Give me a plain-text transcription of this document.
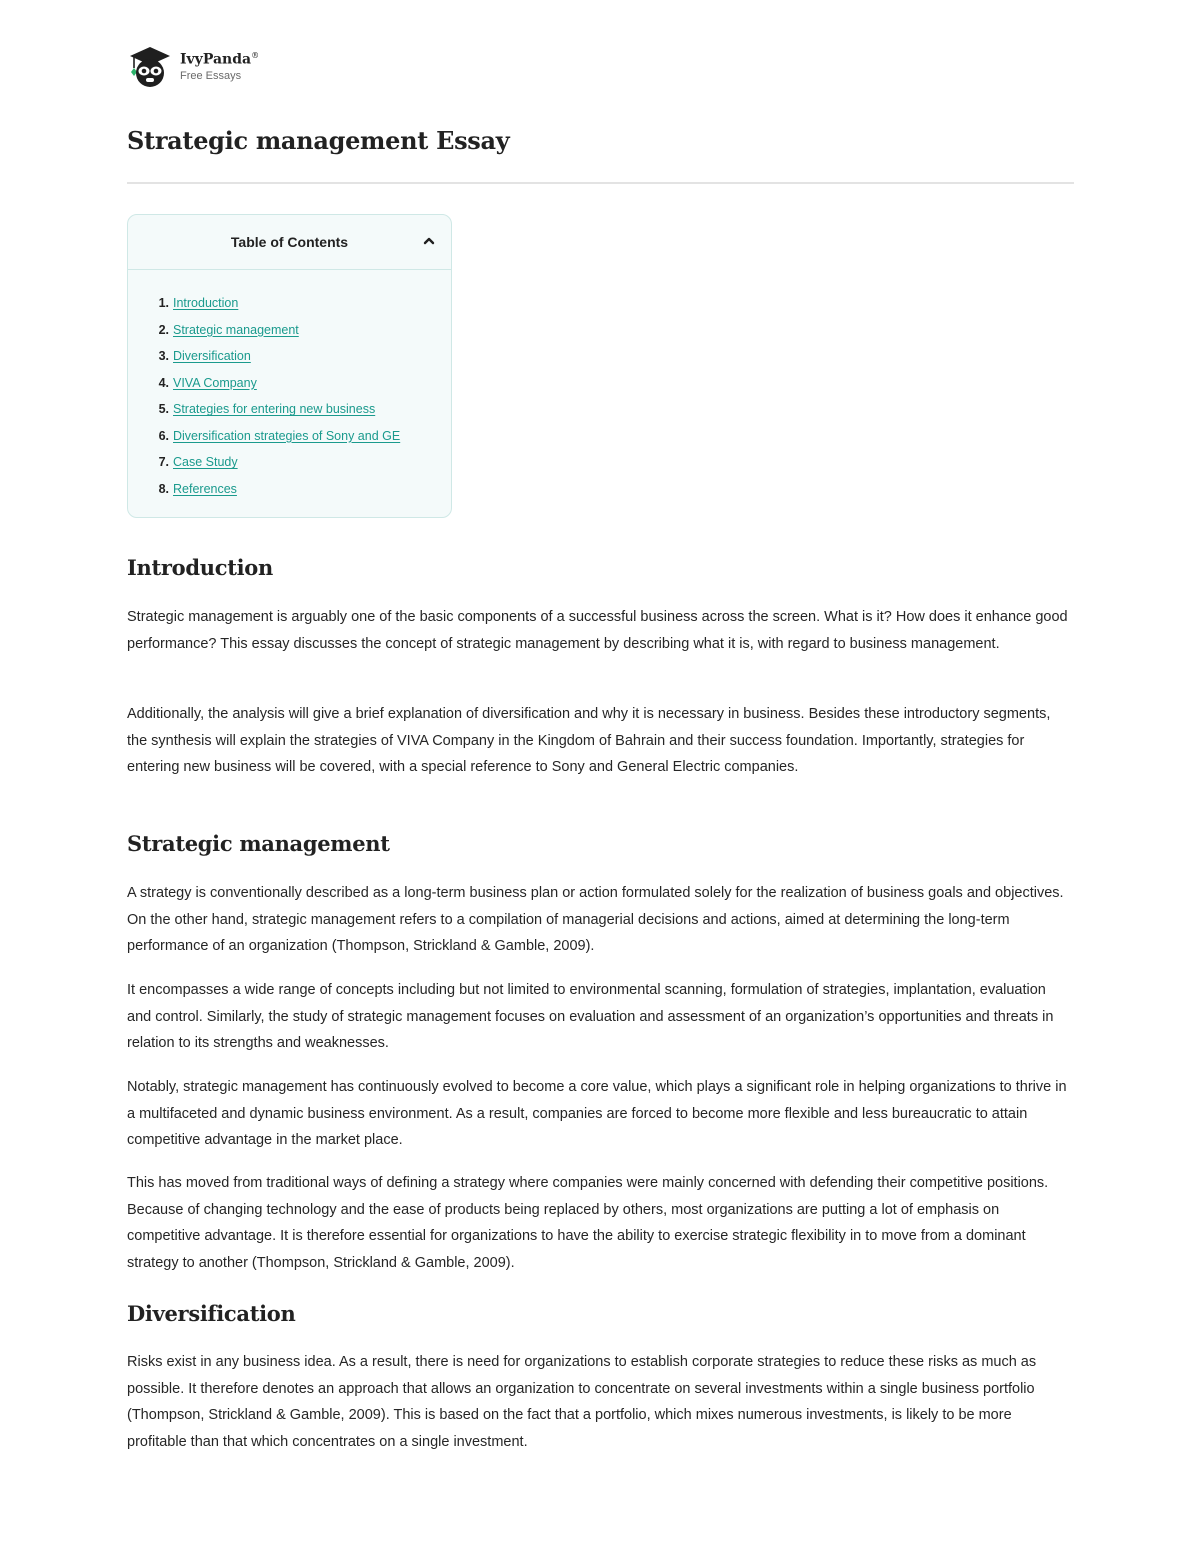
IvyPanda®
Free Essays
Strategic management Essay
Table of Contents
1. Introduction
2. Strategic management
3. Diversification
4. VIVA Company
5. Strategies for entering new business
6. Diversification strategies of Sony and GE
7. Case Study
8. References
Introduction

Strategic management is arguably one of the basic components of a successful business across the screen. What is it? How does it enhance good performance? This essay discusses the concept of strategic management by describing what it is, with regard to business management.

Additionally, the analysis will give a brief explanation of diversification and why it is necessary in business. Besides these introductory segments, the synthesis will explain the strategies of VIVA Company in the Kingdom of Bahrain and their success foundation. Importantly, strategies for entering new business will be covered, with a special reference to Sony and General Electric companies.

Strategic management

A strategy is conventionally described as a long-term business plan or action formulated solely for the realization of business goals and objectives. On the other hand, strategic management refers to a compilation of managerial decisions and actions, aimed at determining the long-term performance of an organization (Thompson, Strickland & Gamble, 2009).

It encompasses a wide range of concepts including but not limited to environmental scanning, formulation of strategies, implantation, evaluation and control. Similarly, the study of strategic management focuses on evaluation and assessment of an organization’s opportunities and threats in relation to its strengths and weaknesses.

Notably, strategic management has continuously evolved to become a core value, which plays a significant role in helping organizations to thrive in a multifaceted and dynamic business environment. As a result, companies are forced to become more flexible and less bureaucratic to attain competitive advantage in the market place.

This has moved from traditional ways of defining a strategy where companies were mainly concerned with defending their competitive positions. Because of changing technology and the ease of products being replaced by others, most organizations are putting a lot of emphasis on competitive advantage. It is therefore essential for organizations to have the ability to exercise strategic flexibility in to move from a dominant strategy to another (Thompson, Strickland & Gamble, 2009).

Diversification

Risks exist in any business idea. As a result, there is need for organizations to establish corporate strategies to reduce these risks as much as possible. It therefore denotes an approach that allows an organization to concentrate on several investments within a single business portfolio (Thompson, Strickland & Gamble, 2009). This is based on the fact that a portfolio, which mixes numerous investments, is likely to be more profitable than that which concentrates on a single investment.
